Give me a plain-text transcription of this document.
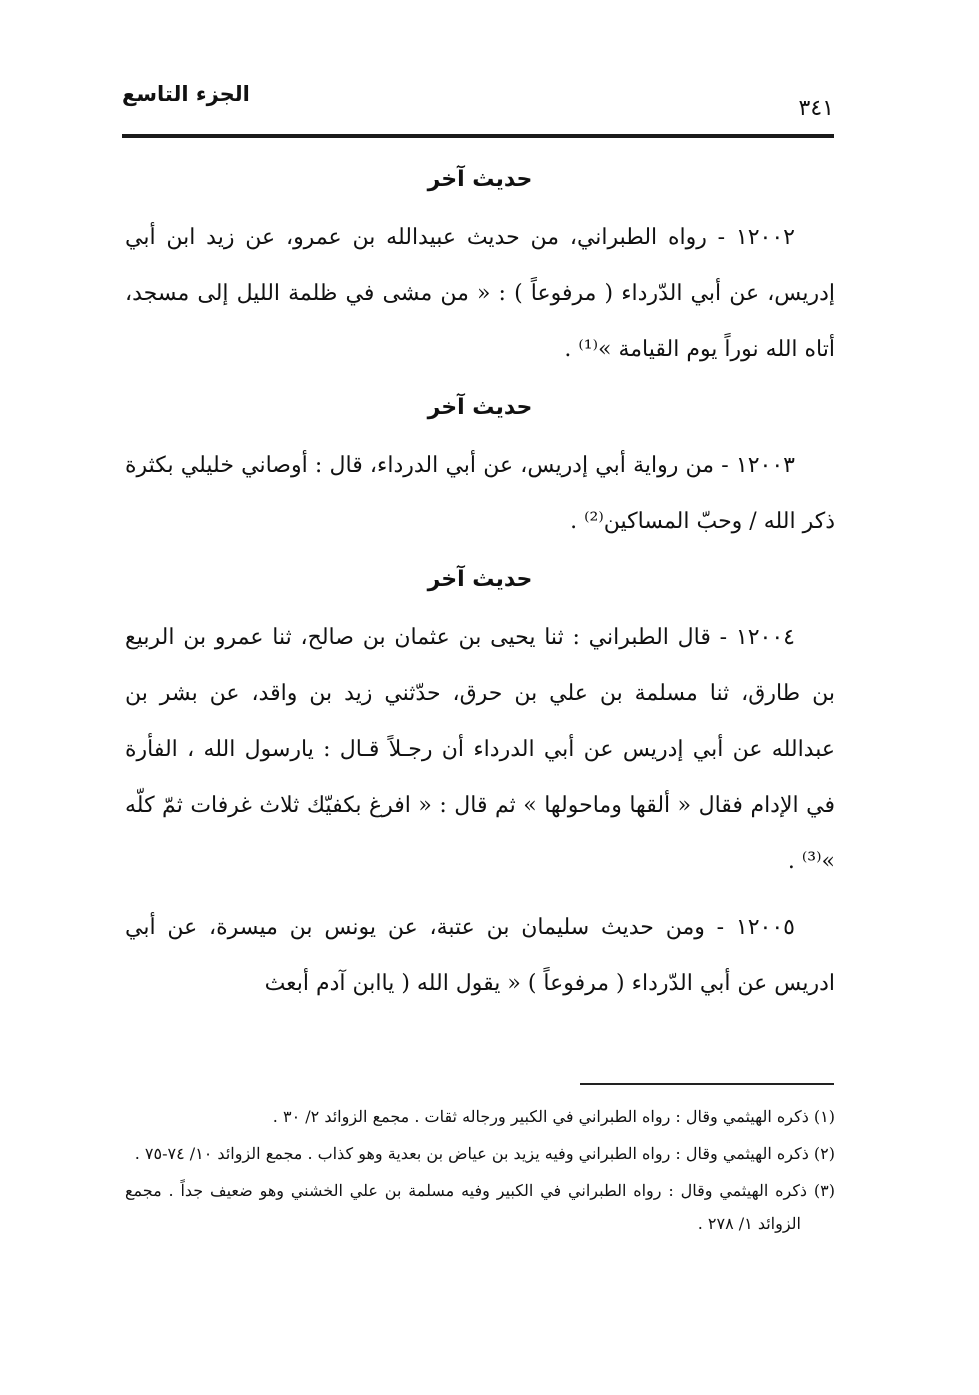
الجزء التاسع
٣٤١
حديث آخر

١٢٠٠٢ - رواه الطبراني، من حديث عبيدالله بن عمرو، عن زيد ابن أبي إدريس، عن أبي الدّرداء ( مرفوعاً ) : « من مشى في ظلمة الليل إلى مسجد، أتاه الله نوراً يوم القيامة »⁽¹⁾ .

حديث آخر

١٢٠٠٣ - من رواية أبي إدريس، عن أبي الدرداء، قال : أوصاني خليلي بكثرة ذكر الله / وحبّ المساكين⁽²⁾ .

حديث آخر

١٢٠٠٤ - قال الطبراني : ثنا يحيى بن عثمان بن صالح، ثنا عمرو بن الربيع بن طارق، ثنا مسلمة بن علي بن حرق، حدّثني زيد بن واقد، عن بشر بن عبدالله عن أبي إدريس عن أبي الدرداء أن رجـلاً قـال : يارسول الله ، الفأرة في الإدام فقال « ألقها وماحولها » ثم قال : « افرغ بكفيّك ثلاث غرفات ثمّ كلّه »⁽³⁾ .

١٢٠٠٥ - ومن حديث سليمان بن عتبة، عن يونس بن ميسرة، عن أبي ادريس عن أبي الدّرداء ( مرفوعاً ) « يقول الله ( ياابن آدم أبعث

(١) ذكره الهيثمي وقال : رواه الطبراني في الكبير ورجاله ثقات . مجمع الزوائد ٢/ ٣٠ .

(٢) ذكره الهيثمي وقال : رواه الطبراني وفيه يزيد بن عياض بن بعدية وهو كذاب . مجمع الزوائد ١٠/ ٧٤-٧٥ .

(٣) ذكره الهيثمي وقال : رواه الطبراني في الكبير وفيه مسلمة بن علي الخشني وهو ضعيف جداً . مجمع الزوائد ١/ ٢٧٨ .
